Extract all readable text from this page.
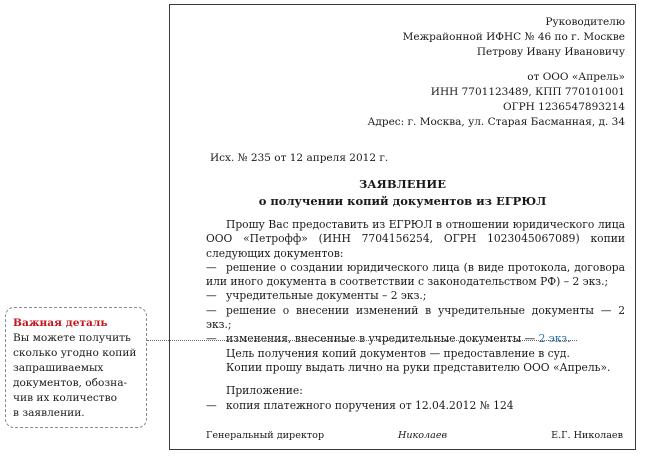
Руководителю
Межрайонной ИФНС № 46 по г. Москве
Петрову Ивану Ивановичу
от ООО «Апрель»
ИНН 7701123489, КПП 770101001
ОГРН 1236547893214
Адрес: г. Москва, ул. Старая Басманная, д. 34
Исх. № 235 от 12 апреля 2012 г.
ЗАЯВЛЕНИЕ
о получении копий документов из ЕГРЮЛ

Прошу Вас предоставить из ЕГРЮЛ в отношении юридического лица ООО «Петрофф» (ИНН 7704156254, ОГРН 1023045067089) копии следующих документов:

— решение о создании юридического лица (в виде протокола, договора или иного документа в соответствии с законодательством РФ) – 2 экз.;

— учредительные документы – 2 экз.;

— решение о внесении изменений в учредительные документы — 2 экз.;

— изменения, внесенные в учредительные документы — 2 экз.

Цель получения копий документов — предоставление в суд.

Копии прошу выдать лично на руки представителю ООО «Апрель».

Приложение:

— копия платежного поручения от 12.04.2012 № 124

Генеральный директор	Николаев	Е.Г. Николаев
Важная деталь
Вы можете получить
сколько угодно копий
запрашиваемых
документов, обозна-
чив их количество
в заявлении.
